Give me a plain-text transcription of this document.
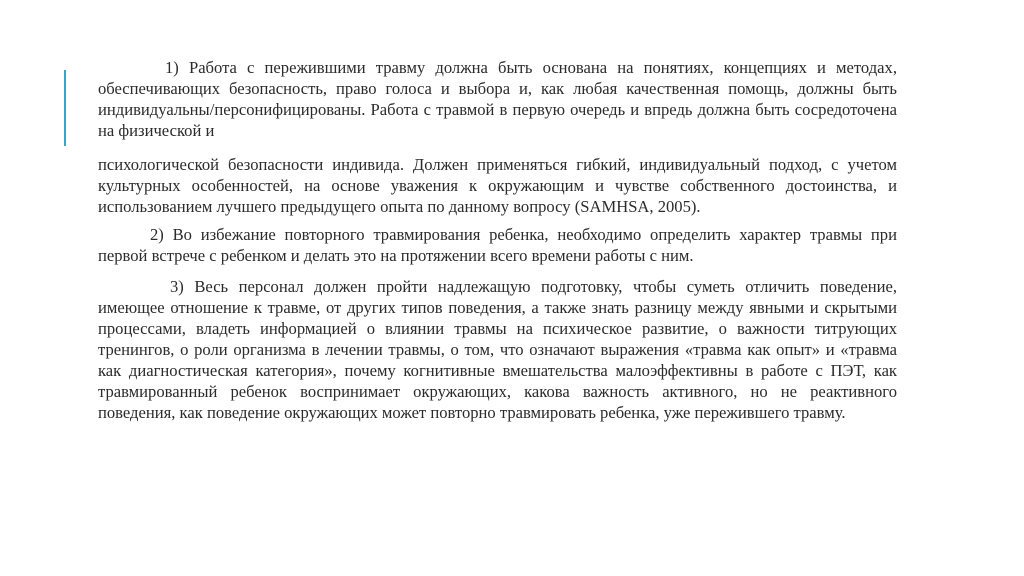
1) Работа с пережившими травму должна быть основана на понятиях, концепциях и методах, обеспечивающих безопасность, право голоса и выбора и, как любая качественная помощь, должны быть индивидуальны/персонифицированы. Работа с травмой в первую очередь и впредь должна быть сосредоточена на физической и

психологической безопасности индивида. Должен применяться гибкий, индивидуальный подход, с учетом культурных особенностей, на основе уважения к окружающим и чувстве собственного достоинства, и использованием лучшего предыдущего опыта по данному вопросу (SAMHSA, 2005).

2) Во избежание повторного травмирования ребенка, необходимо определить характер травмы при первой встрече с ребенком и делать это на протяжении всего времени работы с ним.

3) Весь персонал должен пройти надлежащую подготовку, чтобы суметь отличить поведение, имеющее отношение к травме, от других типов поведения, а также знать разницу между явными и скрытыми процессами, владеть информацией о влиянии травмы на психическое развитие, о важности титрующих тренингов, о роли организма в лечении травмы, о том, что означают выражения «травма как опыт» и «травма как диагностическая категория», почему когнитивные вмешательства малоэффективны в работе с ПЭТ, как травмированный ребенок воспринимает окружающих, какова важность активного, но не реактивного поведения, как поведение окружающих может повторно травмировать ребенка, уже пережившего травму.
